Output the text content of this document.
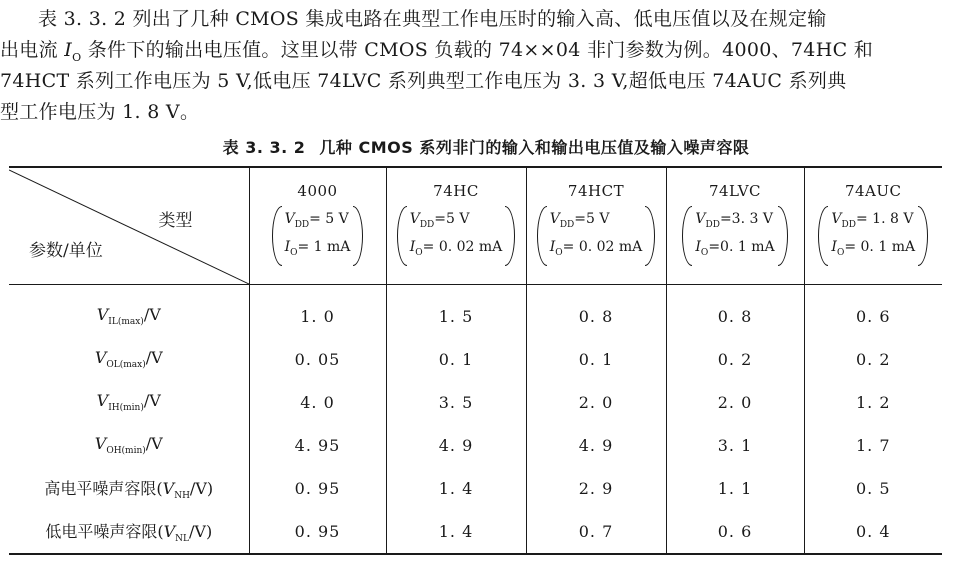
表 3. 3. 2 列出了几种 CMOS 集成电路在典型工作电压时的输入高、低电压值以及在规定输
出电流 $I_O$ 条件下的输出电压值。这里以带 CMOS 负载的 74××04 非门参数为例。4000、74HC 和
74HCT 系列工作电压为 5 V,低电压 74LVC 系列典型工作电压为 3. 3 V,超低电压 74AUC 系列典
型工作电压为 1. 8 V。
表 3. 3. 2 几种 CMOS 系列非门的输入和输出电压值及输入噪声容限
类型
参数/单位	4000
$V_{DD}= 5$ V
$I_O= 1$ mA	74HC
$V_{DD}=5$ V
$I_O= 0$. 02 mA	74HCT
$V_{DD}=5$ V
$I_O= 0$. 02 mA	74LVC
$V_{DD}=3$. 3 V
$I_O=0$. 1 mA	74AUC
$V_{DD}= 1$. 8 V
$I_O= 0$. 1 mA

$V_{IL(max)}/V$	1. 0	1. 5	0. 8	0. 8	0. 6
$V_{OL(max)}/V$	0. 05	0. 1	0. 1	0. 2	0. 2
$V_{IH(min)}/V$	4. 0	3. 5	2. 0	2. 0	1. 2
$V_{OH(min)}/V$	4. 95	4. 9	4. 9	3. 1	1. 7
高电平噪声容限$(V_{NH}/V)$	0. 95	1. 4	2. 9	1. 1	0. 5
低电平噪声容限$(V_{NL}/V)$	0. 95	1. 4	0. 7	0. 6	0. 4
